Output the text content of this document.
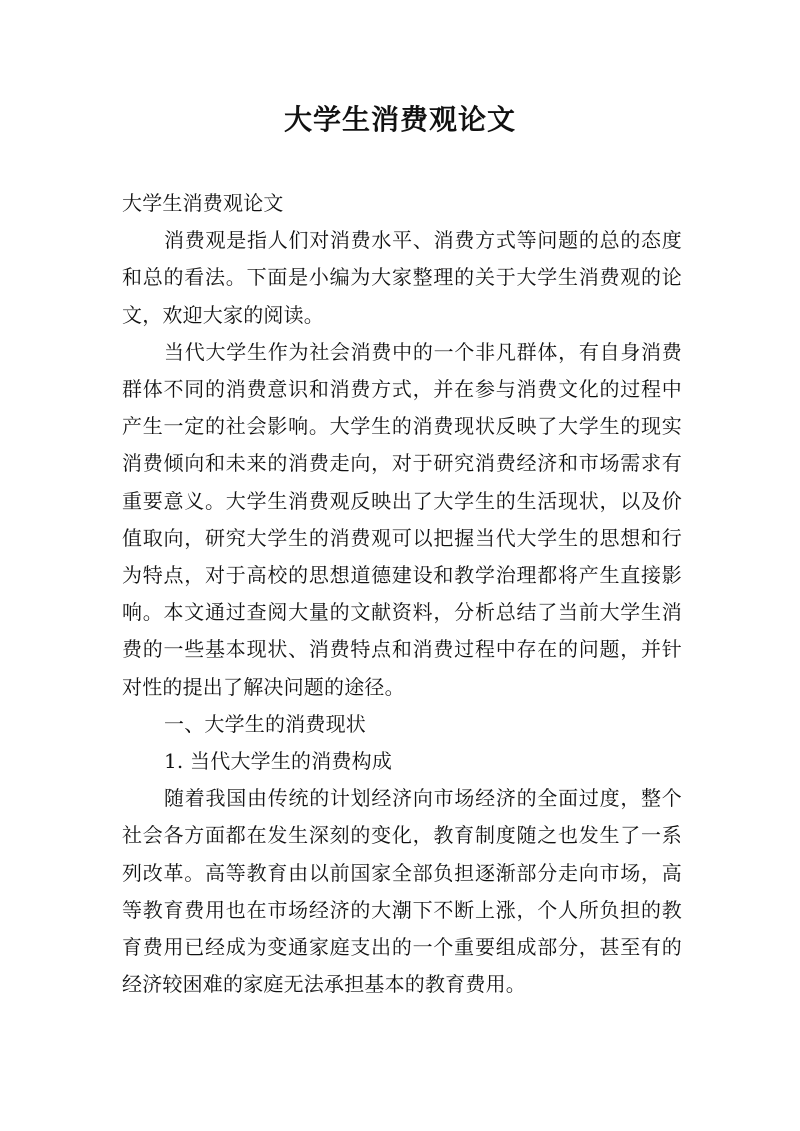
大学生消费观论文

大学生消费观论文

消费观是指人们对消费水平、消费方式等问题的总的态度和总的看法。下面是小编为大家整理的关于大学生消费观的论文，欢迎大家的阅读。

当代大学生作为社会消费中的一个非凡群体，有自身消费群体不同的消费意识和消费方式，并在参与消费文化的过程中产生一定的社会影响。大学生的消费现状反映了大学生的现实消费倾向和未来的消费走向，对于研究消费经济和市场需求有重要意义。大学生消费观反映出了大学生的生活现状，以及价值取向，研究大学生的消费观可以把握当代大学生的思想和行为特点，对于高校的思想道德建设和教学治理都将产生直接影响。本文通过查阅大量的文献资料，分析总结了当前大学生消费的一些基本现状、消费特点和消费过程中存在的问题，并针对性的提出了解决问题的途径。

一、大学生的消费现状

1. 当代大学生的消费构成

随着我国由传统的计划经济向市场经济的全面过度，整个社会各方面都在发生深刻的变化，教育制度随之也发生了一系列改革。高等教育由以前国家全部负担逐渐部分走向市场，高等教育费用也在市场经济的大潮下不断上涨，个人所负担的教育费用已经成为变通家庭支出的一个重要组成部分，甚至有的经济较困难的家庭无法承担基本的教育费用。
